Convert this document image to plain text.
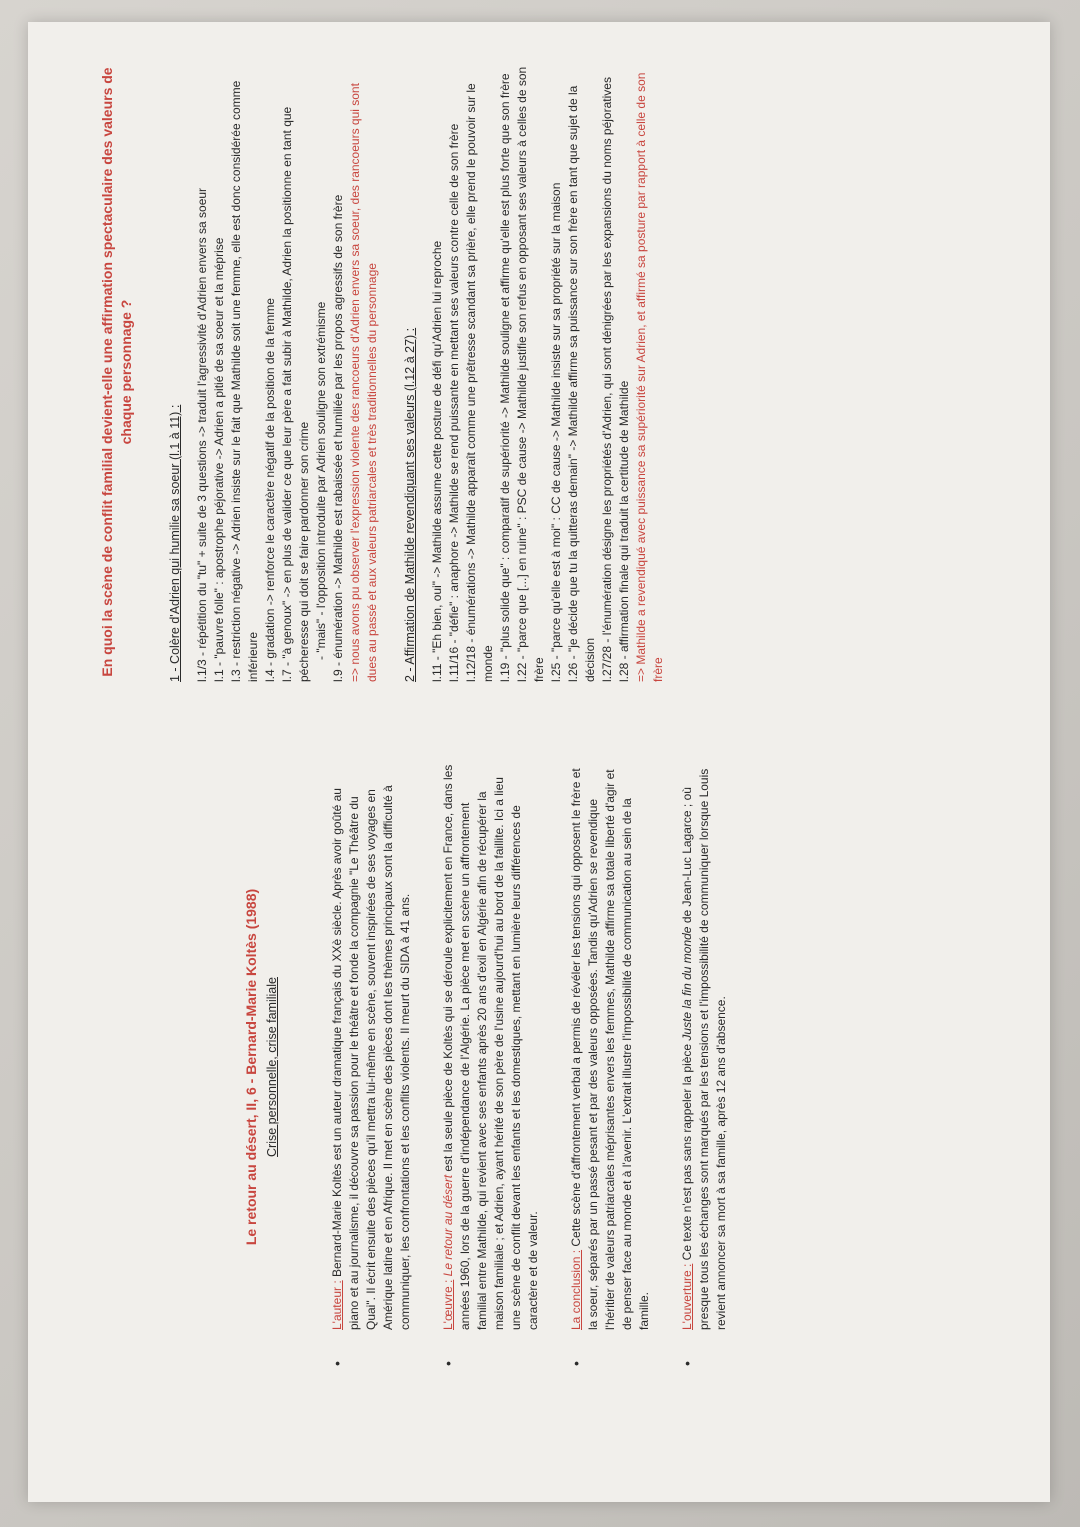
Le retour au désert, II, 6 - Bernard-Marie Koltès (1988) Crise personnelle, crise familiale

• L'auteur : Bernard-Marie Koltès est un auteur dramatique français du XXè siècle. Après avoir goûté au piano et au journalisme, il découvre sa passion pour le théâtre et fonde la compagnie "Le Théâtre du Quai". Il écrit ensuite des pièces qu'il mettra lui-même en scène, souvent inspirées de ses voyages en Amérique latine et en Afrique. Il met en scène des pièces dont les thèmes principaux sont la difficulté à communiquer, les confrontations et les conflits violents. Il meurt du SIDA à 41 ans. • L'œuvre : Le retour au désert est la seule pièce de Koltès qui se déroule explicitement en France, dans les années 1960, lors de la guerre d'indépendance de l'Algérie. La pièce met en scène un affrontement familial entre Mathilde, qui revient avec ses enfants après 20 ans d'exil en Algérie afin de récupérer la maison familiale ; et Adrien, ayant hérité de son père de l'usine aujourd'hui au bord de la faillite. Ici a lieu une scène de conflit devant les enfants et les domestiques, mettant en lumière leurs différences de caractère et de valeur. • La conclusion : Cette scène d'affrontement verbal a permis de révéler les tensions qui opposent le frère et la soeur, séparés par un passé pesant et par des valeurs opposées. Tandis qu'Adrien se revendique l'héritier de valeurs patriarcales méprisantes envers les femmes, Mathilde affirme sa totale liberté d'agir et de penser face au monde et à l'avenir. L'extrait illustre l'impossibilité de communication au sein de la famille. • L'ouverture : Ce texte n'est pas sans rappeler la pièce Juste la fin du monde de Jean-Luc Lagarce ; où presque tous les échanges sont marqués par les tensions et l'impossibilité de communiquer lorsque Louis revient annoncer sa mort à sa famille, après 12 ans d'absence.

En quoi la scène de conflit familial devient-elle une affirmation spectaculaire des valeurs de chaque personnage ?

1 - Colère d'Adrien qui humilie sa soeur (l.1 à 11) : l.1/3 - répétition du "tu" + suite de 3 questions -> traduit l'agressivité d'Adrien envers sa soeur l.1 - "pauvre folle" : apostrophe péjorative -> Adrien a pitié de sa soeur et la méprise l.3 - restriction négative -> Adrien insiste sur le fait que Mathilde soit une femme, elle est donc considérée comme inférieure l.4 - gradation -> renforce le caractère négatif de la position de la femme l.7 - "à genoux" -> en plus de valider ce que leur père a fait subir à Mathilde, Adrien la positionne en tant que pécheresse qui doit se faire pardonner son crime - "mais" - l'opposition introduite par Adrien souligne son extrémisme l.9 - énumération -> Mathilde est rabaissée et humiliée par les propos agressifs de son frère => nous avons pu observer l'expression violente des rancoeurs d'Adrien envers sa soeur, des rancoeurs qui sont dues au passé et aux valeurs patriarcales et très traditionnelles du personnage 2 - Affirmation de Mathilde revendiquant ses valeurs (l.12 à 27) : l.11 - "Eh bien, oui" -> Mathilde assume cette posture de défi qu'Adrien lui reproche l.11/16 - "défie" : anaphore -> Mathilde se rend puissante en mettant ses valeurs contre celle de son frère l.12/18 - énumérations -> Mathilde apparaît comme une prêtresse scandant sa prière, elle prend le pouvoir sur le monde l.19 - "plus solide que" : comparatif de supériorité -> Mathilde souligne et affirme qu'elle est plus forte que son frère l.22 - "parce que [...] en ruine" : PSC de cause -> Mathilde justifie son refus en opposant ses valeurs à celles de son frère l.25 - "parce qu'elle est à moi" : CC de cause -> Mathilde insiste sur sa propriété sur la maison l.26 - "je décide que tu la quitteras demain" -> Mathilde affirme sa puissance sur son frère en tant que sujet de la décision l.27/28 - l'énumération désigne les propriétés d'Adrien, qui sont dénigrées par les expansions du noms péjoratives l.28 - affirmation finale qui traduit la certitude de Mathilde => Mathilde a revendiqué avec puissance sa supériorité sur Adrien, et affirmé sa posture par rapport à celle de son frère
